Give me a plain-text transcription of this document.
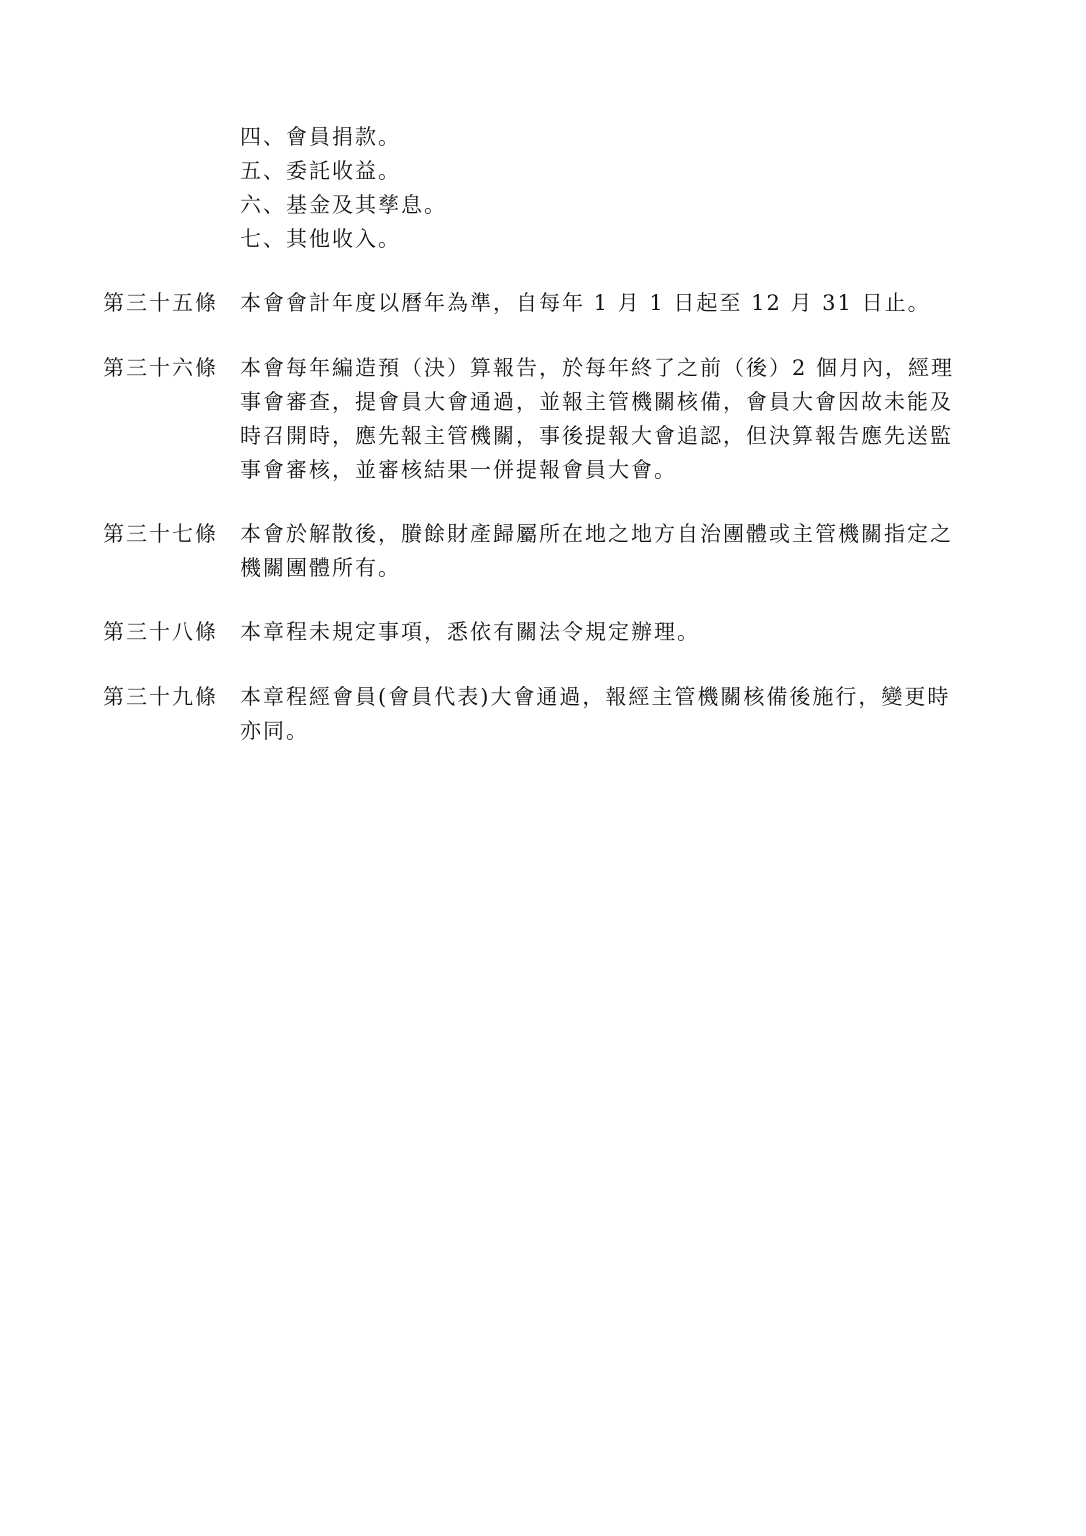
四、會員捐款。
五、委託收益。
六、基金及其孳息。
七、其他收入。
第三十五條 本會會計年度以曆年為準，自每年 1 月 1 日起至 12 月 31 日止。
第三十六條 本會每年編造預（決）算報告，於每年終了之前（後）2 個月內，經理
事會審查，提會員大會通過，並報主管機關核備，會員大會因故未能及
時召開時，應先報主管機關，事後提報大會追認，但決算報告應先送監
事會審核，並審核結果一併提報會員大會。
第三十七條 本會於解散後，賸餘財產歸屬所在地之地方自治團體或主管機關指定之
機關團體所有。
第三十八條 本章程未規定事項，悉依有關法令規定辦理。
第三十九條 本章程經會員(會員代表)大會通過，報經主管機關核備後施行，變更時
亦同。
